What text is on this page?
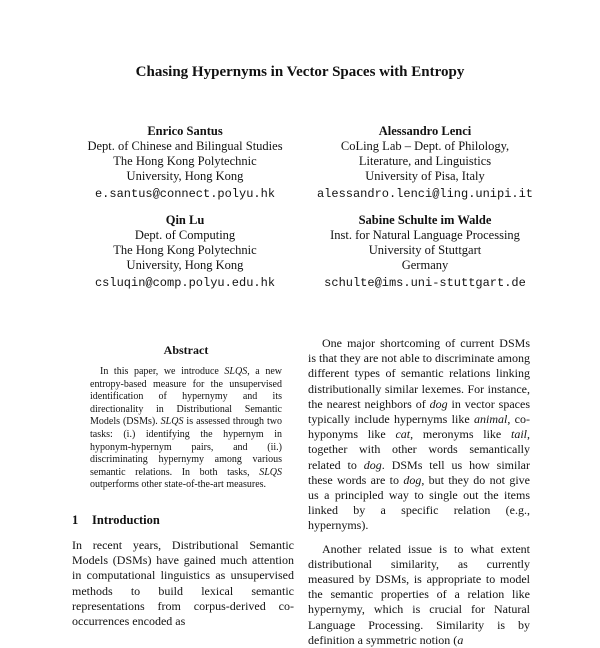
Chasing Hypernyms in Vector Spaces with Entropy
Enrico Santus
Dept. of Chinese and Bilingual Studies
The Hong Kong Polytechnic
University, Hong Kong
e.santus@connect.polyu.hk
Alessandro Lenci
CoLing Lab – Dept. of Philology,
Literature, and Linguistics
University of Pisa, Italy
alessandro.lenci@ling.unipi.it
Qin Lu
Dept. of Computing
The Hong Kong Polytechnic
University, Hong Kong
csluqin@comp.polyu.edu.hk
Sabine Schulte im Walde
Inst. for Natural Language Processing
University of Stuttgart
Germany
schulte@ims.uni-stuttgart.de
Abstract

In this paper, we introduce SLQS, a new entropy-based measure for the unsupervised identification of hypernymy and its directionality in Distributional Semantic Models (DSMs). SLQS is assessed through two tasks: (i.) identifying the hypernym in hyponym-hypernym pairs, and (ii.) discriminating hypernymy among various semantic relations. In both tasks, SLQS outperforms other state-of-the-art measures.

1 Introduction

In recent years, Distributional Semantic Models (DSMs) have gained much attention in computational linguistics as unsupervised methods to build lexical semantic representations from corpus-derived co-occurrences encoded as

One major shortcoming of current DSMs is that they are not able to discriminate among different types of semantic relations linking distributionally similar lexemes. For instance, the nearest neighbors of dog in vector spaces typically include hypernyms like animal, co-hyponyms like cat, meronyms like tail, together with other words semantically related to dog. DSMs tell us how similar these words are to dog, but they do not give us a principled way to single out the items linked by a specific relation (e.g., hypernyms).

Another related issue is to what extent distributional similarity, as currently measured by DSMs, is appropriate to model the semantic properties of a relation like hypernymy, which is crucial for Natural Language Processing. Similarity is by definition a symmetric notion (a
